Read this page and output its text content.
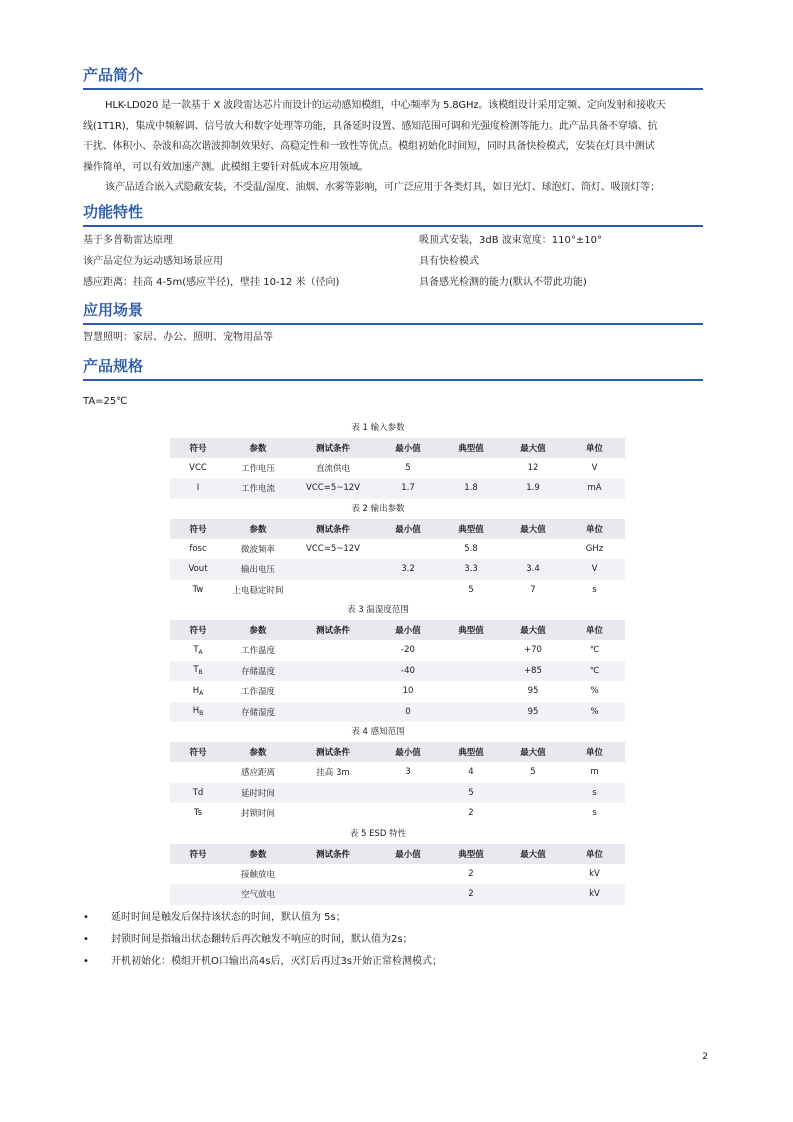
产品简介

HLK-LD020 是一款基于 X 波段雷达芯片而设计的运动感知模组，中心频率为 5.8GHz。该模组设计采用定频、定向发射和接收天

线(1T1R)，集成中频解调、信号放大和数字处理等功能，具备延时设置、感知范围可调和光强度检测等能力。此产品具备不穿墙、抗

干扰、体积小、杂波和高次谐波抑制效果好、高稳定性和一致性等优点。模组初始化时间短，同时具备快检模式，安装在灯具中测试

操作简单，可以有效加速产测。此模组主要针对低成本应用领域。

该产品适合嵌入式隐蔽安装，不受温/湿度、油烟、水雾等影响，可广泛应用于各类灯具，如日光灯、球泡灯、筒灯、吸顶灯等；

功能特性
基于多普勒雷达原理	吸顶式安装，3dB 波束宽度：110°±10°
该产品定位为运动感知场景应用	具有快检模式
感应距离：挂高 4-5m(感应半径)，壁挂 10-12 米（径向)	具备感光检测的能力(默认不带此功能)
应用场景
智慧照明：家居、办公、照明、宠物用品等
产品规格
TA=25℃
表 1 输入参数
符号	参数	测试条件	最小值	典型值	最大值	单位
VCC	工作电压	直流供电	5		12	V
I	工作电流	VCC=5~12V	1.7	1.8	1.9	mA
表 2 输出参数
符号	参数	测试条件	最小值	典型值	最大值	单位
fosc	微波频率	VCC=5~12V		5.8		GHz
Vout	输出电压		3.2	3.3	3.4	V
Tw	上电稳定时间			5	7	s
表 3 温湿度范围
符号	参数	测试条件	最小值	典型值	最大值	单位
$T_A$	工作温度		-20		+70	℃
$T_B$	存储温度		-40		+85	℃
$H_A$	工作湿度		10		95	%
$H_B$	存储湿度		0		95	%
表 4 感知范围
符号	参数	测试条件	最小值	典型值	最大值	单位
	感应距离	挂高 3m	3	4	5	m
Td	延时时间			5		s
Ts	封锁时间			2		s
表 5 ESD 特性
符号	参数	测试条件	最小值	典型值	最大值	单位
	接触放电			2		kV
	空气放电			2		kV
• 延时时间是触发后保持该状态的时间，默认值为 5s；
• 封锁时间是指输出状态翻转后再次触发不响应的时间，默认值为2s；
• 开机初始化：模组开机O口输出高4s后，灭灯后再过3s开始正常检测模式；
2
